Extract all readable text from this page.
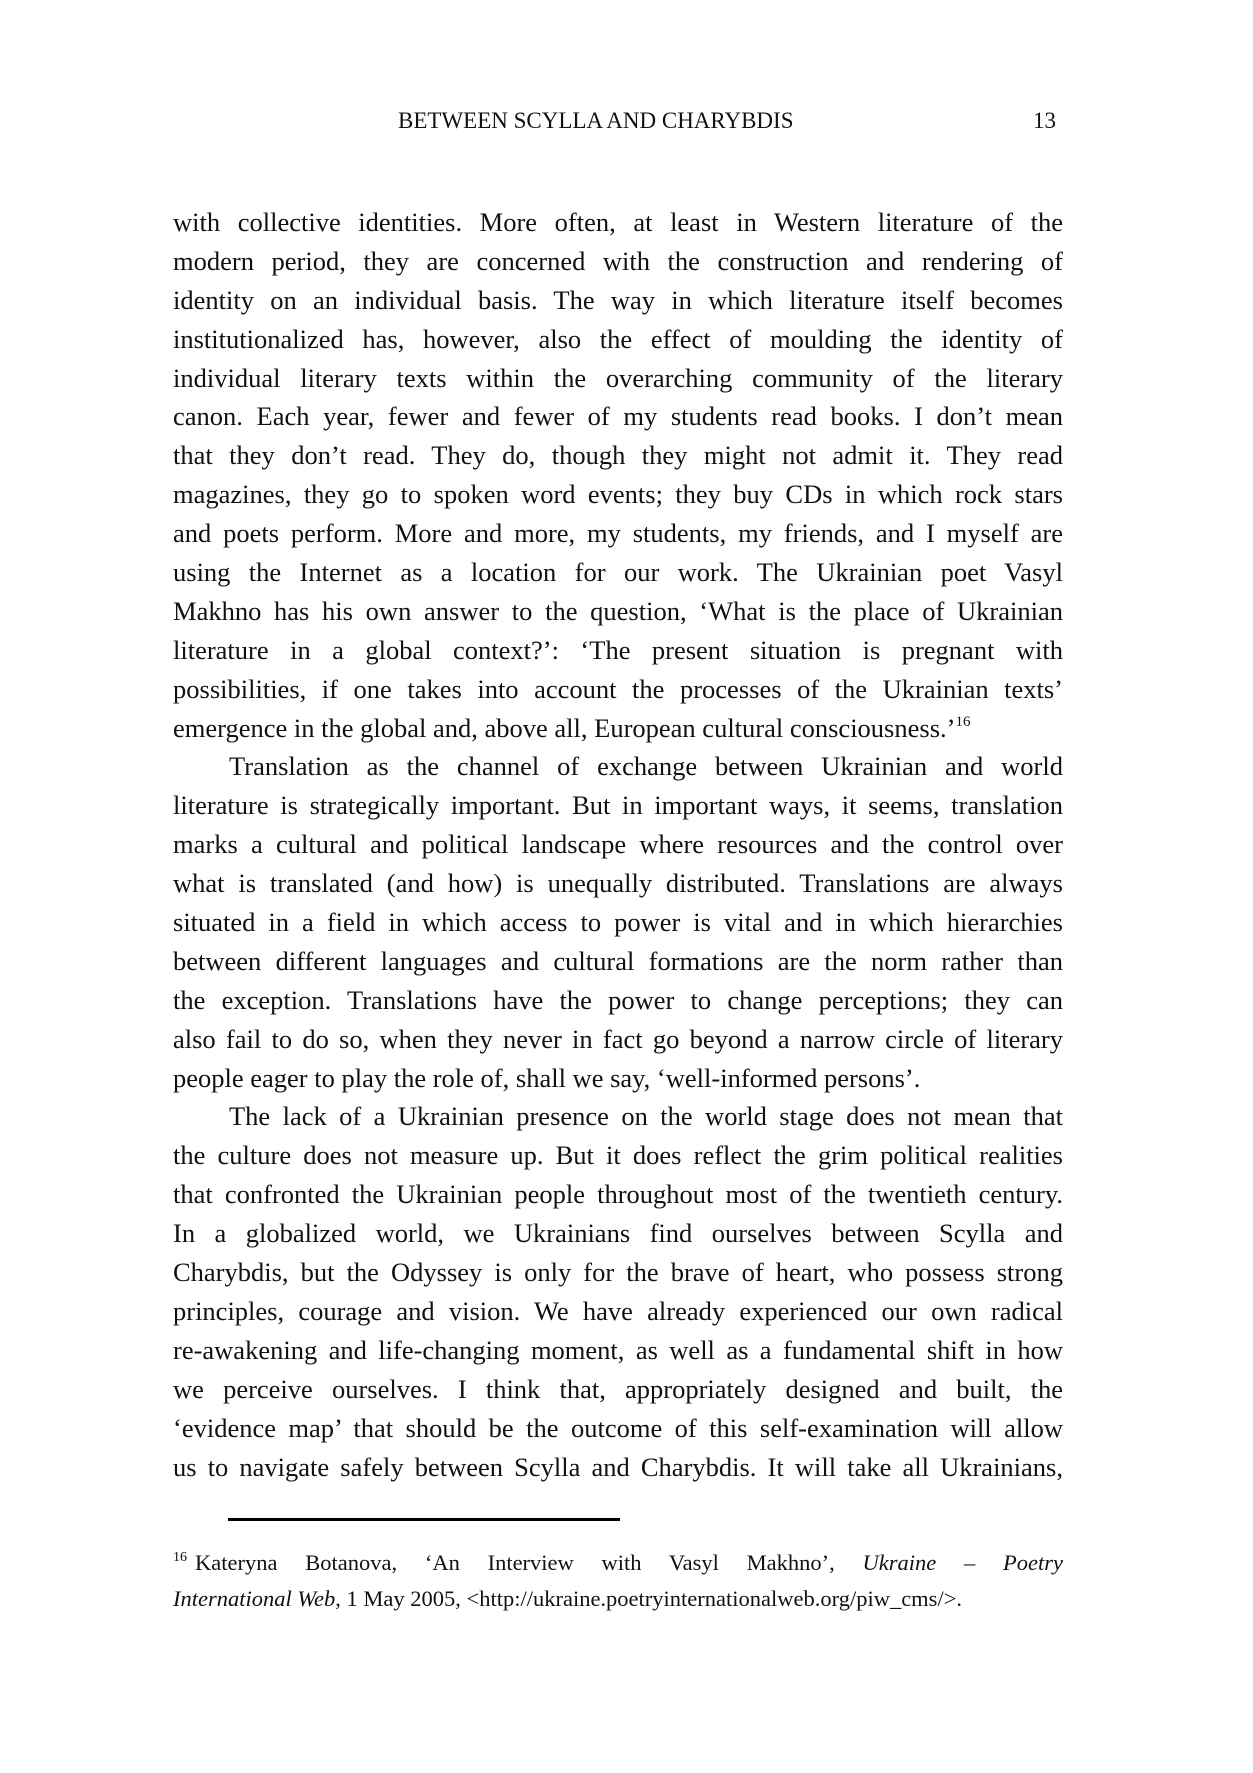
BETWEEN SCYLLA AND CHARYBDIS	13
with collective identities. More often, at least in Western literature of the
modern period, they are concerned with the construction and rendering of
identity on an individual basis. The way in which literature itself becomes
institutionalized has, however, also the effect of moulding the identity of
individual literary texts within the overarching community of the literary
canon. Each year, fewer and fewer of my students read books. I don’t mean
that they don’t read. They do, though they might not admit it. They read
magazines, they go to spoken word events; they buy CDs in which rock stars
and poets perform. More and more, my students, my friends, and I myself are
using the Internet as a location for our work. The Ukrainian poet Vasyl
Makhno has his own answer to the question, ‘What is the place of Ukrainian
literature in a global context?’: ‘The present situation is pregnant with
possibilities, if one takes into account the processes of the Ukrainian texts’
emergence in the global and, above all, European cultural consciousness.’$^{16}$
Translation as the channel of exchange between Ukrainian and world
literature is strategically important. But in important ways, it seems, translation
marks a cultural and political landscape where resources and the control over
what is translated (and how) is unequally distributed. Translations are always
situated in a field in which access to power is vital and in which hierarchies
between different languages and cultural formations are the norm rather than
the exception. Translations have the power to change perceptions; they can
also fail to do so, when they never in fact go beyond a narrow circle of literary
people eager to play the role of, shall we say, ‘well-informed persons’.
The lack of a Ukrainian presence on the world stage does not mean that
the culture does not measure up. But it does reflect the grim political realities
that confronted the Ukrainian people throughout most of the twentieth century.
In a globalized world, we Ukrainians find ourselves between Scylla and
Charybdis, but the Odyssey is only for the brave of heart, who possess strong
principles, courage and vision. We have already experienced our own radical
re-awakening and life-changing moment, as well as a fundamental shift in how
we perceive ourselves. I think that, appropriately designed and built, the
‘evidence map’ that should be the outcome of this self-examination will allow
us to navigate safely between Scylla and Charybdis. It will take all Ukrainians,
$^{16}$ Kateryna Botanova, ‘An Interview with Vasyl Makhno’, Ukraine – Poetry
International Web, 1 May 2005, <http://ukraine.poetryinternationalweb.org/piw_cms/>.
